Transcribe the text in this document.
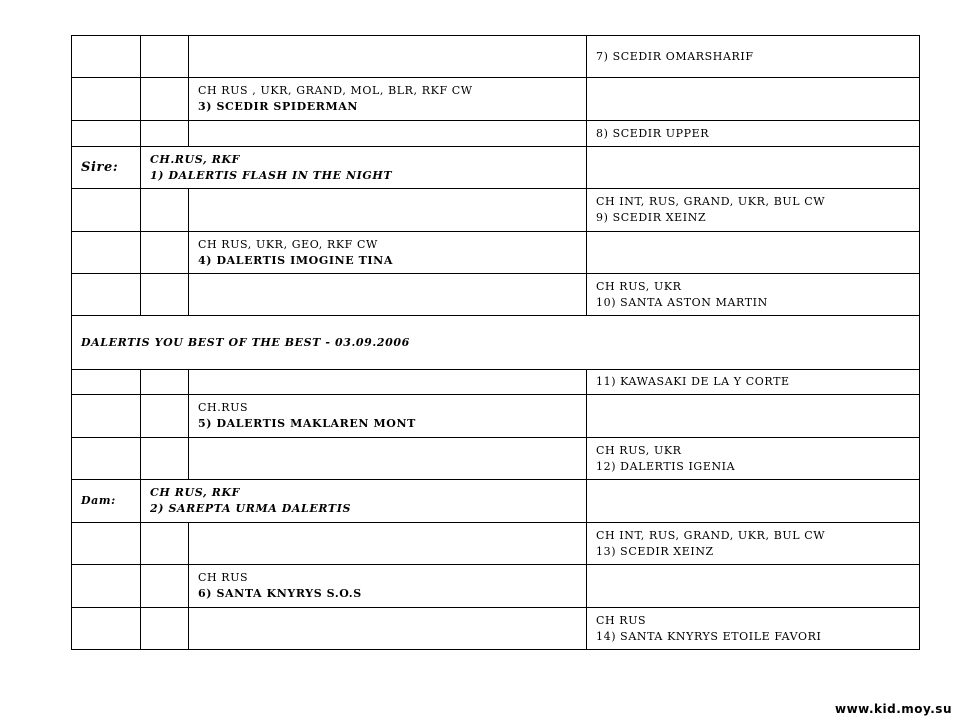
			7) SCEDIR OMARSHARIF

		CH RUS , UKR, GRAND, MOL, BLR, RKF CW
3) SCEDIR SPIDERMAN	

			8) SCEDIR UPPER

Sire:	CH.RUS, RKF
1) DALERTIS FLASH IN THE NIGHT		

			CH INT, RUS, GRAND, UKR, BUL CW
9) SCEDIR XEINZ

		CH RUS, UKR, GEO, RKF CW
4) DALERTIS IMOGINE TINA	

			CH RUS, UKR
10) SANTA ASTON MARTIN

DALERTIS YOU BEST OF THE BEST - 03.09.2006			

			11) KAWASAKI DE LA Y CORTE

		CH.RUS
5) DALERTIS MAKLAREN MONT	

			CH RUS, UKR
12) DALERTIS IGENIA

Dam:	CH RUS, RKF
2) SAREPTA URMA DALERTIS		

			CH INT, RUS, GRAND, UKR, BUL CW
13) SCEDIR XEINZ

		CH RUS
6) SANTA KNYRYS S.O.S	

			CH RUS
14) SANTA KNYRYS ETOILE FAVORI
www.kid.moy.su
